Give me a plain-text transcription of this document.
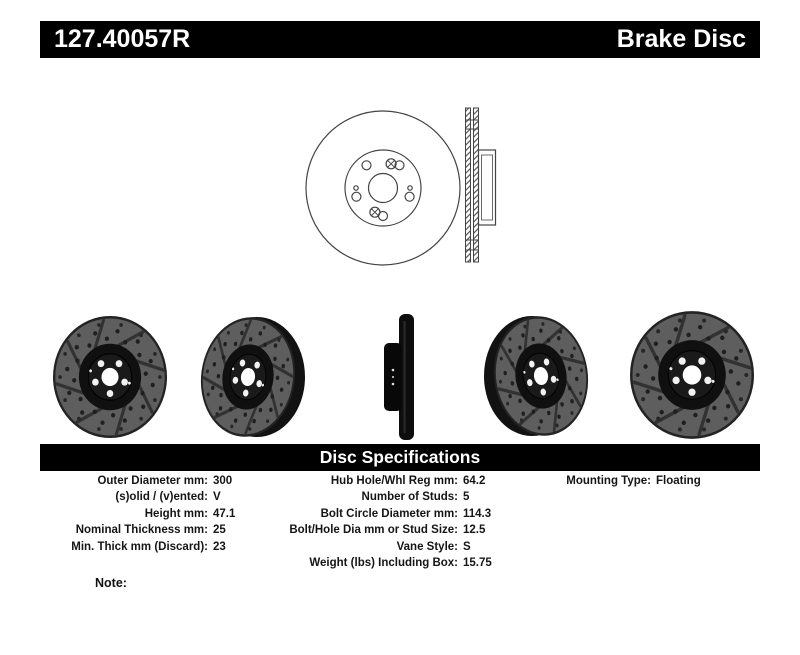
127.40057R	Brake Disc
Disc Specifications
Outer Diameter mm: 300
(s)olid / (v)ented: V
Height mm: 47.1
Nominal Thickness mm: 25
Min. Thick mm (Discard): 23
Hub Hole/Whl Reg mm: 64.2
Number of Studs: 5
Bolt Circle Diameter mm: 114.3
Bolt/Hole Dia mm or Stud Size: 12.5
Vane Style: S
Weight (lbs) Including Box: 15.75
Mounting Type: Floating
Note:
